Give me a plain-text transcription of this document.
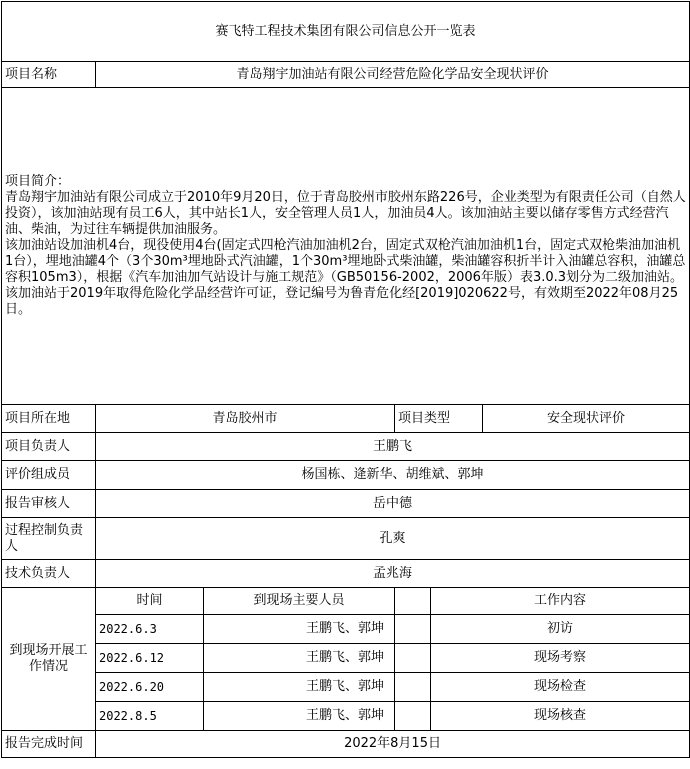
赛飞特工程技术集团有限公司信息公开一览表			
项目名称	青岛翔宇加油站有限公司经营危险化学品安全现状评价		

项目简介：
青岛翔宇加油站有限公司成立于2010年9月20日，位于青岛胶州市胶州东路226号，企业类型为有限责任公司（自然人投资），该加油站现有员工6人，其中站长1人，安全管理人员1人，加油员4人。该加油站主要以储存零售方式经营汽油、柴油，为过往车辆提供加油服务。
该加油站设加油机4台，现役使用4台(固定式四枪汽油加油机2台，固定式双枪汽油加油机1台，固定式双枪柴油加油机1台），埋地油罐4个（3个30m³埋地卧式汽油罐，1个30m³埋地卧式柴油罐，柴油罐容积折半计入油罐总容积，油罐总容积105m3），根据《汽车加油加气站设计与施工规范》（GB50156-2002，2006年版）表3.0.3划分为二级加油站。
该加油站于2019年取得危险化学品经营许可证，登记编号为鲁青危化经[2019]020622号，有效期至2022年08月25日。			

项目所在地	青岛胶州市	项目类型	安全现状评价
项目负责人	王鹏飞		
评价组成员	杨国栋、逄新华、胡维斌、郭坤		
报告审核人	岳中德		
过程控制负责人	孔爽		
技术负责人	孟兆海		
到现场开展工作情况	时间 到现场主要人员	工作内容	

	2022.6.3 王鹏飞、郭坤	初访	

	2022.6.12 王鹏飞、郭坤	现场考察	

	2022.6.20 王鹏飞、郭坤	现场检查	

	2022.8.5 王鹏飞、郭坤	现场核查	

报告完成时间	2022年8月15日		
